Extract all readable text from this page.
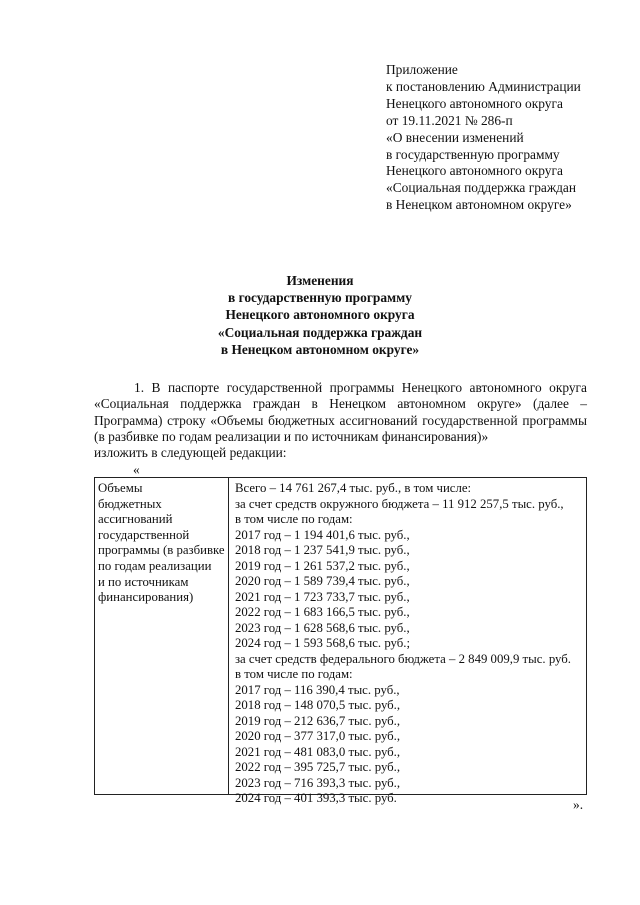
Приложение
к постановлению Администрации
Ненецкого автономного округа
от 19.11.2021 № 286-п
«О внесении изменений
в государственную программу
Ненецкого автономного округа
«Социальная поддержка граждан
в Ненецком автономном округе»
Изменения
в государственную программу
Ненецкого автономного округа
«Социальная поддержка граждан
в Ненецком автономном округе»
1. В паспорте государственной программы Ненецкого автономного округа «Социальная поддержка граждан в Ненецком автономном округе» (далее – Программа) строку «Объемы бюджетных ассигнований государственной программы (в разбивке по годам реализации и по источникам финансирования)»
изложить в следующей редакции:
«
Объемы
бюджетных
ассигнований
государственной
программы (в разбивке
по годам реализации
и по источникам
финансирования)
Всего – 14 761 267,4 тыс. руб., в том числе:
за счет средств окружного бюджета – 11 912 257,5 тыс. руб.,
в том числе по годам:
2017 год – 1 194 401,6 тыс. руб.,
2018 год – 1 237 541,9 тыс. руб.,
2019 год – 1 261 537,2 тыс. руб.,
2020 год – 1 589 739,4 тыс. руб.,
2021 год – 1 723 733,7 тыс. руб.,
2022 год – 1 683 166,5 тыс. руб.,
2023 год – 1 628 568,6 тыс. руб.,
2024 год – 1 593 568,6 тыс. руб.;
за счет средств федерального бюджета – 2 849 009,9 тыс. руб.
в том числе по годам:
2017 год – 116 390,4 тыс. руб.,
2018 год – 148 070,5 тыс. руб.,
2019 год – 212 636,7 тыс. руб.,
2020 год – 377 317,0 тыс. руб.,
2021 год – 481 083,0 тыс. руб.,
2022 год – 395 725,7 тыс. руб.,
2023 год – 716 393,3 тыс. руб.,
2024 год – 401 393,3 тыс. руб.	».
